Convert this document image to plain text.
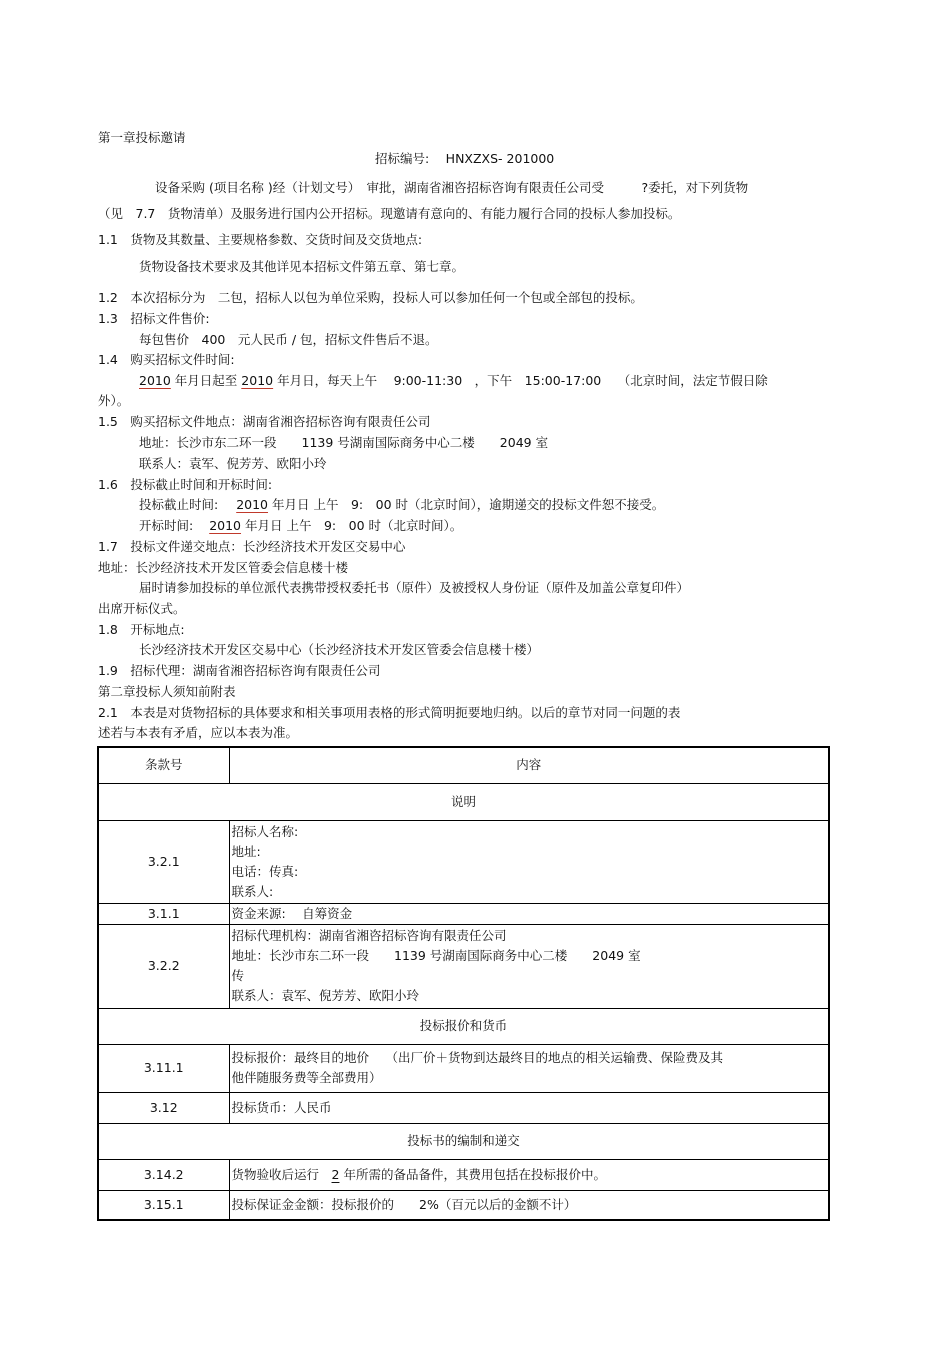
第一章投标邀请
招标编号:　 HNXZXS- 201000
设备采购 (项目名称 )经（计划文号）　审批，湖南省湘咨招标咨询有限责任公司受　　　?委托，对下列货物
（见　7.7　货物清单）及服务进行国内公开招标。现邀请有意向的、有能力履行合同的投标人参加投标。
1.1　货物及其数量、主要规格参数、交货时间及交货地点:
货物设备技术要求及其他详见本招标文件第五章、第七章。
1.2　本次招标分为　二包，招标人以包为单位采购，投标人可以参加任何一个包或全部包的投标。
1.3　招标文件售价:
每包售价　400　元人民币 / 包，招标文件售后不退。
1.4　购买招标文件时间:
2010 年月日起至 2010 年月日，每天上午　 9:00-11:30　，下午　15:00-17:00　 （北京时间，法定节假日除
外）。
1.5　购买招标文件地点：湖南省湘咨招标咨询有限责任公司
地址：长沙市东二环一段　　1139 号湖南国际商务中心二楼　　2049 室
联系人：袁军、倪芳芳、欧阳小玲
1.6　投标截止时间和开标时间:
投标截止时间: 2010 年月日 上午　9:　00 时（北京时间），逾期递交的投标文件恕不接受。
开标时间: 2010 年月日 上午　9:　00 时（北京时间）。
1.7　投标文件递交地点：长沙经济技术开发区交易中心
地址：长沙经济技术开发区管委会信息楼十楼
届时请参加投标的单位派代表携带授权委托书（原件）及被授权人身份证（原件及加盖公章复印件）
出席开标仪式。
1.8　开标地点:
长沙经济技术开发区交易中心（长沙经济技术开发区管委会信息楼十楼）
1.9　招标代理：湖南省湘咨招标咨询有限责任公司
第二章投标人须知前附表
2.1　本表是对货物招标的具体要求和相关事项用表格的形式简明扼要地归纳。以后的章节对同一问题的表
述若与本表有矛盾，应以本表为准。
条款号	内容
说明	
3.2.1	招标人名称:
地址:
电话：传真:
联系人:

3.1.1	资金来源:　 自筹资金
3.2.2	招标代理机构：湖南省湘咨招标咨询有限责任公司
地址：长沙市东二环一段　　1139 号湖南国际商务中心二楼　　2049 室
传
联系人：袁军、倪芳芳、欧阳小玲

投标报价和货币	
3.11.1	投标报价：最终目的地价　 （出厂价＋货物到达最终目的地点的相关运输费、保险费及其
他伴随服务费等全部费用）

3.12	投标货币：人民币
投标书的编制和递交	
3.14.2	货物验收后运行　2 年所需的备品备件，其费用包括在投标报价中。
3.15.1	投标保证金金额：投标报价的　　2%（百元以后的金额不计）
